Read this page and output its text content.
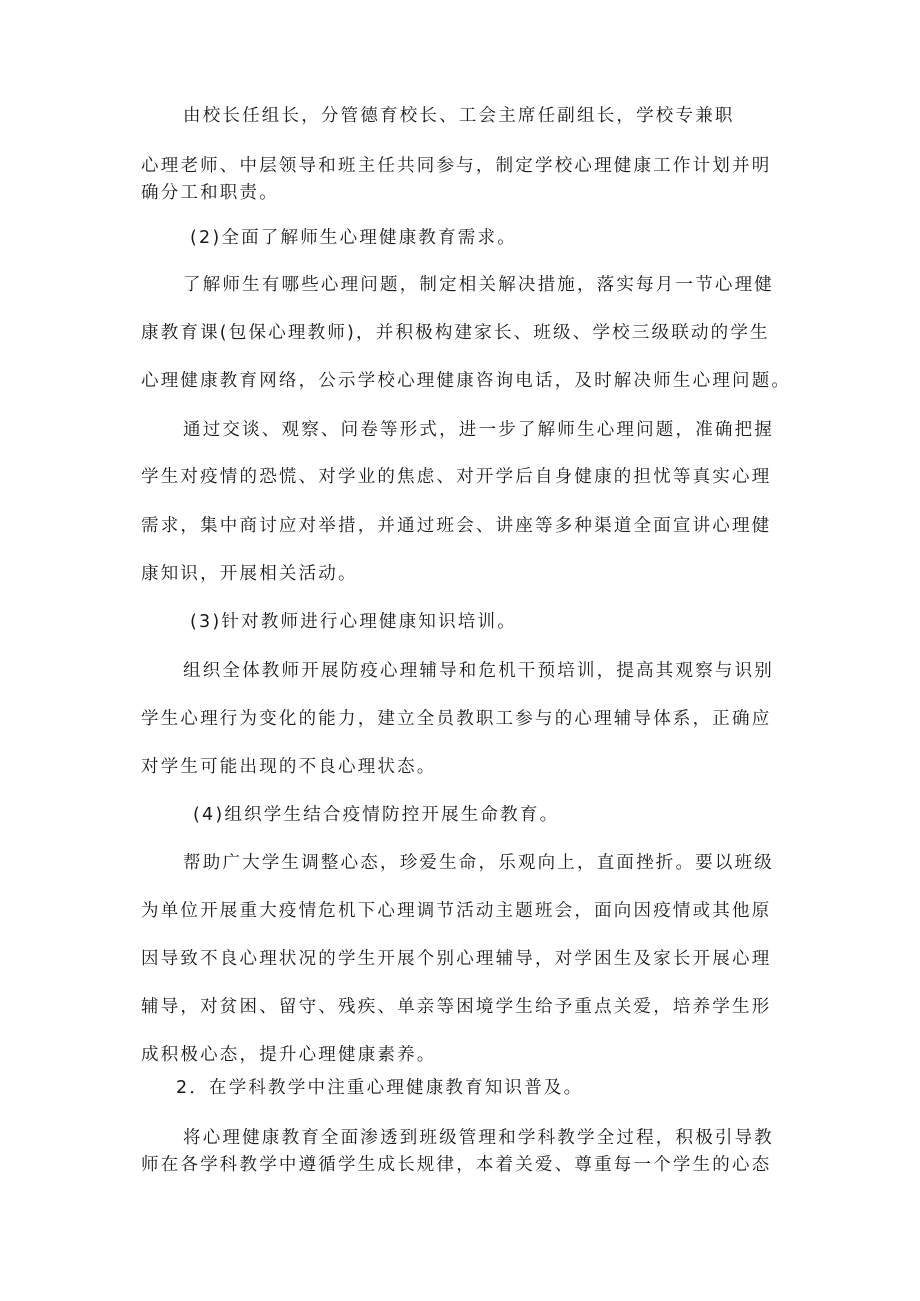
由校长任组长，分管德育校长、工会主席任副组长，学校专兼职
心理老师、中层领导和班主任共同参与，制定学校心理健康工作计划并明
确分工和职责。
(2)全面了解师生心理健康教育需求。
了解师生有哪些心理问题，制定相关解决措施，落实每月一节心理健
康教育课(包保心理教师)，并积极构建家长、班级、学校三级联动的学生
心理健康教育网络，公示学校心理健康咨询电话，及时解决师生心理问题。
通过交谈、观察、问卷等形式，进一步了解师生心理问题，准确把握
学生对疫情的恐慌、对学业的焦虑、对开学后自身健康的担忧等真实心理
需求，集中商讨应对举措，并通过班会、讲座等多种渠道全面宣讲心理健
康知识，开展相关活动。
(3)针对教师进行心理健康知识培训。
组织全体教师开展防疫心理辅导和危机干预培训，提高其观察与识别
学生心理行为变化的能力，建立全员教职工参与的心理辅导体系，正确应
对学生可能出现的不良心理状态。
(4)组织学生结合疫情防控开展生命教育。
帮助广大学生调整心态，珍爱生命，乐观向上，直面挫折。要以班级
为单位开展重大疫情危机下心理调节活动主题班会，面向因疫情或其他原
因导致不良心理状况的学生开展个别心理辅导，对学困生及家长开展心理
辅导，对贫困、留守、残疾、单亲等困境学生给予重点关爱，培养学生形
成积极心态，提升心理健康素养。
2．在学科教学中注重心理健康教育知识普及。
将心理健康教育全面渗透到班级管理和学科教学全过程，积极引导教
师在各学科教学中遵循学生成长规律，本着关爱、尊重每一个学生的心态
